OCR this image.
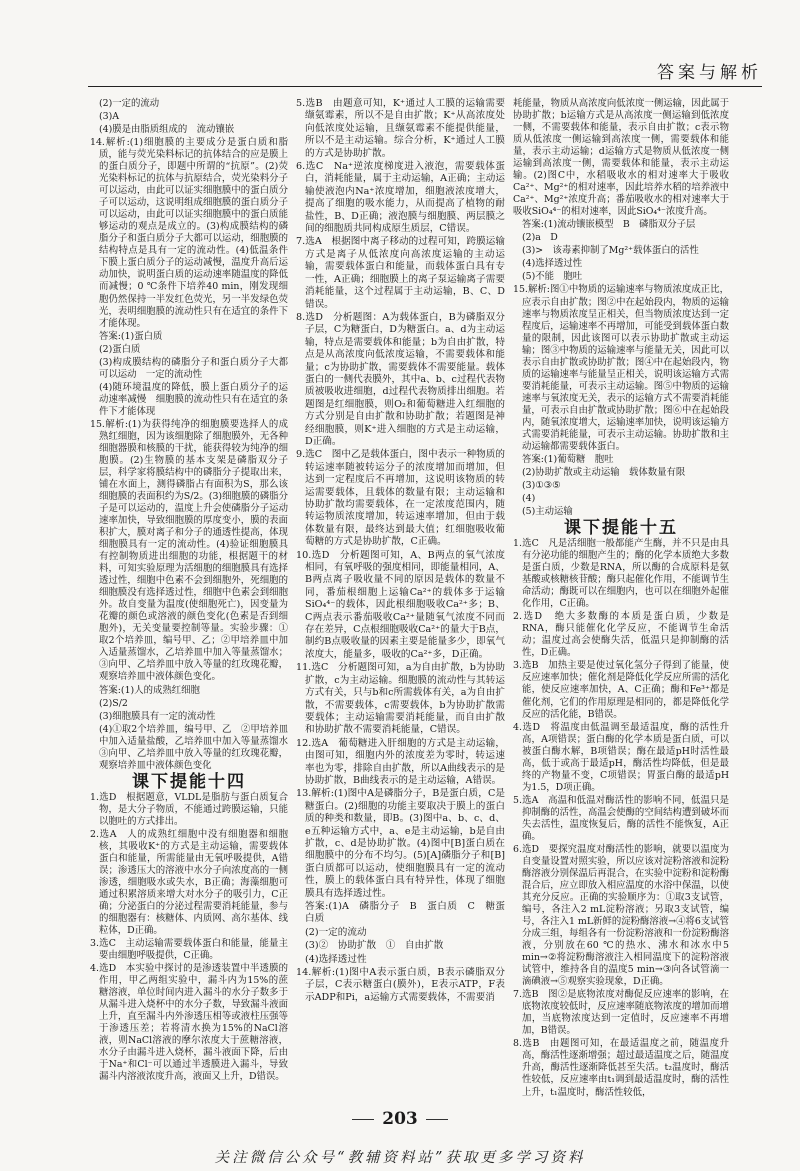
答案与解析
(2)一定的流动
(3)A
(4)膜是由脂质组成的　流动镶嵌
14.解析:(1)细胞膜的主要成分是蛋白质和脂质，能与荧光染料标记的抗体结合的应是膜上的蛋白质分子，即题中所谓的“抗原”。(2)荧光染料标记的抗体与抗原结合，荧光染料分子可以运动，由此可以证实细胞膜中的蛋白质分子可以运动，这说明组成细胞膜的蛋白质分子可以运动，由此可以证实细胞膜中的蛋白质能够运动的观点是成立的。(3)构成膜结构的磷脂分子和蛋白质分子大都可以运动，细胞膜的结构特点是具有一定的流动性。(4)低温条件下膜上蛋白质分子的运动减慢，温度升高后运动加快，说明蛋白质的运动速率随温度的降低而减慢；0 ℃条件下培养40 min，刚发现细胞仍然保持一半发红色荧光，另一半发绿色荧光，表明细胞膜的流动性只有在适宜的条件下才能体现。
答案:(1)蛋白质
(2)蛋白质
(3)构成膜结构的磷脂分子和蛋白质分子大都可以运动　一定的流动性
(4)随环境温度的降低，膜上蛋白质分子的运动速率减慢　细胞膜的流动性只有在适宜的条件下才能体现
15.解析:(1)为获得纯净的细胞膜要选择人的成熟红细胞，因为该细胞除了细胞膜外，无各种细胞器膜和核膜的干扰，能获得较为纯净的细胞膜。(2)生物膜的基本支架是磷脂双分子层，科学家将膜结构中的磷脂分子提取出来，铺在水面上，测得磷脂占有面积为S，那么该细胞膜的表面积约为S/2。(3)细胞膜的磷脂分子是可以运动的，温度上升会使磷脂分子运动速率加快，导致细胞膜的厚度变小，膜的表面积扩大，膜对离子和分子的通透性提高，体现细胞膜具有一定的流动性。(4)验证细胞膜具有控制物质进出细胞的功能，根据题干的材料，可知实验原理为活细胞的细胞膜具有选择透过性，细胞中色素不会到细胞外，死细胞的细胞膜没有选择透过性，细胞中色素会到细胞外。故自变量为温度(使细胞死亡)，因变量为花瓣的颜色或溶液的颜色变化(色素是否到细胞外)，无关变量要控制等量。实验步骤：①取2个培养皿，编号甲、乙；②甲培养皿中加入适量蒸馏水，乙培养皿中加入等量蒸馏水；③向甲、乙培养皿中放入等量的红玫瑰花瓣，观察培养皿中液体颜色变化。
答案:(1)人的成熟红细胞
(2)S/2
(3)细胞膜具有一定的流动性
(4)①取2个培养皿，编号甲、乙　②甲培养皿中加入适量盐酸，乙培养皿中加入等量蒸馏水　③向甲、乙培养皿中放入等量的红玫瑰花瓣，观察培养皿中液体颜色变化
课下提能十四
1.选D　根据题意，VLDL是脂肪与蛋白质复合物，是大分子物质，不能通过跨膜运输，只能以胞吐的方式排出。
2.选A　人的成熟红细胞中没有细胞器和细胞核，其吸收K⁺的方式是主动运输，需要载体蛋白和能量，所需能量由无氧呼吸提供，A错误；渗透压大的溶液中水分子向浓度高的一侧渗透，细胞吸水或失水，B正确；海藻细胞可通过积累溶质来增大对水分子的吸引力，C正确；分泌蛋白的分泌过程需要消耗能量，参与的细胞器有：核糖体、内质网、高尔基体、线粒体，D正确。
3.选C　主动运输需要载体蛋白和能量，能量主要由细胞呼吸提供，C正确。
4.选D　本实验中探讨的是渗透装置中半透膜的作用，甲乙两组实验中，漏斗内为15%的蔗糖溶液，单位时间内进入漏斗的水分子数多于从漏斗进入烧杯中的水分子数，导致漏斗液面上升，直至漏斗内外渗透压相等或液柱压强等于渗透压差；若将清水换为15%的NaCl溶液，则NaCl溶液的摩尔浓度大于蔗糖溶液，水分子由漏斗进入烧杯，漏斗液面下降，后由于Na⁺和Cl⁻可以通过半透膜进入漏斗，导致漏斗内溶液浓度升高，液面又上升，D错误。
5.选B　由题意可知，K⁺通过人工膜的运输需要缬氨霉素，所以不是自由扩散；K⁺从高浓度处向低浓度处运输，且缬氨霉素不能提供能量，所以不是主动运输。综合分析，K⁺通过人工膜的方式是协助扩散。
6.选C　Na⁺逆浓度梯度进入液泡，需要载体蛋白，消耗能量，属于主动运输，A正确；主动运输使液泡内Na⁺浓度增加，细胞液浓度增大，提高了细胞的吸水能力，从而提高了植物的耐盐性，B、D正确；液泡膜与细胞膜、两层膜之间的细胞质共同构成原生质层，C错误。
7.选A　根据图中离子移动的过程可知，跨膜运输方式是离子从低浓度向高浓度运输的主动运输，需要载体蛋白和能量，而载体蛋白具有专一性，A正确；细胞膜上的离子泵运输离子需要消耗能量，这个过程属于主动运输，B、C、D错误。
8.选D　分析题图：A为载体蛋白，B为磷脂双分子层，C为糖蛋白，D为糖蛋白。a、d为主动运输，特点是需要载体和能量；b为自由扩散，特点是从高浓度向低浓度运输，不需要载体和能量；c为协助扩散，需要载体不需要能量。载体蛋白的一侧代表膜外，其中a、b、c过程代表物质被吸收进细胞，d过程代表物质排出细胞。若题图是红细胞膜，则O₂和葡萄糖进入红细胞的方式分别是自由扩散和协助扩散；若题图是神经细胞膜，则K⁺进入细胞的方式是主动运输，D正确。
9.选C　图中乙是载体蛋白，图中表示一种物质的转运速率随被转运分子的浓度增加而增加，但达到一定程度后不再增加，这说明该物质的转运需要载体，且载体的数量有限；主动运输和协助扩散均需要载体，在一定浓度范围内，随转运物质浓度增加，转运速率增加，但由于载体数量有限，最终达到最大值；红细胞吸收葡萄糖的方式是协助扩散，C正确。
10.选D　分析题图可知，A、B两点的氧气浓度相同，有氧呼吸的强度相同，即能量相同，A、B两点离子吸收量不同的原因是载体的数量不同，番茄根细胞上运输Ca²⁺的载体多于运输SiO₄⁴⁻的载体，因此根细胞吸收Ca²⁺多；B、C两点表示番茄吸收Ca²⁺量随氧气浓度不同而存在差异，C点根细胞吸收Ca²⁺的量大于B点，制约B点吸收量的因素主要是能量多少，即氧气浓度大，能量多，吸收的Ca²⁺多，D正确。
11.选C　分析题图可知，a为自由扩散，b为协助扩散，c为主动运输。细胞膜的流动性与其转运方式有关，只与b和c所需载体有关，a为自由扩散，不需要载体，c需要载体，b为协助扩散需要载体；主动运输需要消耗能量，而自由扩散和协助扩散不需要消耗能量，C错误。
12.选A　葡萄糖进入肝细胞的方式是主动运输，由图可知，细胞内外的浓度差为零时，转运速率也为零，排除自由扩散，所以A曲线表示的是协助扩散，B曲线表示的是主动运输，A错误。
13.解析:(1)图中A是磷脂分子，B是蛋白质，C是糖蛋白。(2)细胞的功能主要取决于膜上的蛋白质的种类和数量，即B。(3)图中a、b、c、d、e五种运输方式中，a、e是主动运输，b是自由扩散，c、d是协助扩散。(4)图中[B]蛋白质在细胞膜中的分布不均匀。(5)[A]磷脂分子和[B]蛋白质都可以运动，使细胞膜具有一定的流动性，膜上的载体蛋白具有特异性，体现了细胞膜具有选择透过性。
答案:(1)A　磷脂分子　B　蛋白质　C　糖蛋白质
(2)一定的流动
(3)②　协助扩散　①　自由扩散
(4)选择透过性
14.解析:(1)图中A表示蛋白质，B表示磷脂双分子层，C表示糖蛋白(膜外)，E表示ATP，F表示ADP和Pi，a运输方式需要载体，不需要消
耗能量，物质从高浓度向低浓度一侧运输，因此属于协助扩散；b运输方式是从高浓度一侧运输到低浓度一侧，不需要载体和能量，表示自由扩散；c表示物质从低浓度一侧运输到高浓度一侧，需要载体和能量，表示主动运输；d运输方式是物质从低浓度一侧运输到高浓度一侧，需要载体和能量，表示主动运输。(2)图C中，水稻吸收水的相对速率大于吸收Ca²⁺、Mg²⁺的相对速率，因此培养水稻的培养液中Ca²⁺、Mg²⁺浓度升高；番茄吸收水的相对速率大于吸收SiO₄⁴⁻的相对速率，因此SiO₄⁴⁻浓度升高。
答案:(1)流动镶嵌模型　B　磷脂双分子层
(2)a　D
(3)>　该毒素抑制了Mg²⁺载体蛋白的活性
(4)选择透过性
(5)不能　胞吐
15.解析:图①中物质的运输速率与物质浓度成正比，应表示自由扩散；图②中在起始段内，物质的运输速率与物质浓度呈正相关，但当物质浓度达到一定程度后，运输速率不再增加，可能受到载体蛋白数量的限制，因此该图可以表示协助扩散或主动运输；图③中物质的运输速率与能量无关，因此可以表示自由扩散或协助扩散；图④中在起始段内，物质的运输速率与能量呈正相关，说明该运输方式需要消耗能量，可表示主动运输。图⑤中物质的运输速率与氧浓度无关，表示的运输方式不需要消耗能量，可表示自由扩散或协助扩散；图⑥中在起始段内，随氧浓度增大，运输速率加快，说明该运输方式需要消耗能量，可表示主动运输。协助扩散和主动运输都需要载体蛋白。
答案:(1)葡萄糖　胞吐
(2)协助扩散或主动运输　载体数量有限
(3)①③⑤
(4)
(5)主动运输
课下提能十五
1.选C　凡是活细胞一般都能产生酶，并不只是由具有分泌功能的细胞产生的；酶的化学本质绝大多数是蛋白质，少数是RNA，所以酶的合成原料是氨基酸或核糖核苷酸；酶只起催化作用，不能调节生命活动；酶既可以在细胞内，也可以在细胞外起催化作用，C正确。
2.选D　绝大多数酶的本质是蛋白质，少数是RNA，酶只能催化化学反应，不能调节生命活动；温度过高会使酶失活，低温只是抑制酶的活性，D正确。
3.选B　加热主要是使过氧化氢分子得到了能量，使反应速率加快；催化剂是降低化学反应所需的活化能，使反应速率加快，A、C正确；酶和Fe³⁺都是催化剂，它们的作用原理是相同的，都是降低化学反应的活化能，B错误。
4.选D　将温度由低温调至最适温度，酶的活性升高，A项错误；蛋白酶的化学本质是蛋白质，可以被蛋白酶水解，B项错误；酶在最适pH时活性最高，低于或高于最适pH，酶活性均降低，但是最终的产物量不变，C项错误；胃蛋白酶的最适pH为1.5，D项正确。
5.选A　高温和低温对酶活性的影响不同，低温只是抑制酶的活性，高温会使酶的空间结构遭到破坏而失去活性，温度恢复后，酶的活性不能恢复，A正确。
6.选D　要探究温度对酶活性的影响，就要以温度为自变量设置对照实验，所以应该对淀粉溶液和淀粉酶溶液分别保温后再混合，在实验中淀粉和淀粉酶混合后，应立即放入相应温度的水浴中保温，以使其充分反应。正确的实验顺序为：①取3支试管，编号，各注入2 mL淀粉溶液；另取3支试管，编号，各注入1 mL新鲜的淀粉酶溶液→④将6支试管分成三组，每组各有一份淀粉溶液和一份淀粉酶溶液，分别放在60 ℃的热水、沸水和冰水中5 min→②将淀粉酶溶液注入相同温度下的淀粉溶液试管中，维持各自的温度5 min→③向各试管滴一滴碘液→⑤观察实验现象，D正确。
7.选B　图②是底物浓度对酶促反应速率的影响，在底物浓度较低时，反应速率随底物浓度的增加而增加，当底物浓度达到一定值时，反应速率不再增加，B错误。
8.选B　由题图可知，在最适温度之前，随温度升高，酶活性逐渐增强；超过最适温度之后，随温度升高，酶活性逐渐降低甚至失活。t₂温度时，酶活性较低，反应速率由t₁调到最适温度时，酶的活性上升，t₁温度时，酶活性较低，
203
关注微信公众号“教辅资料站”获取更多学习资料
